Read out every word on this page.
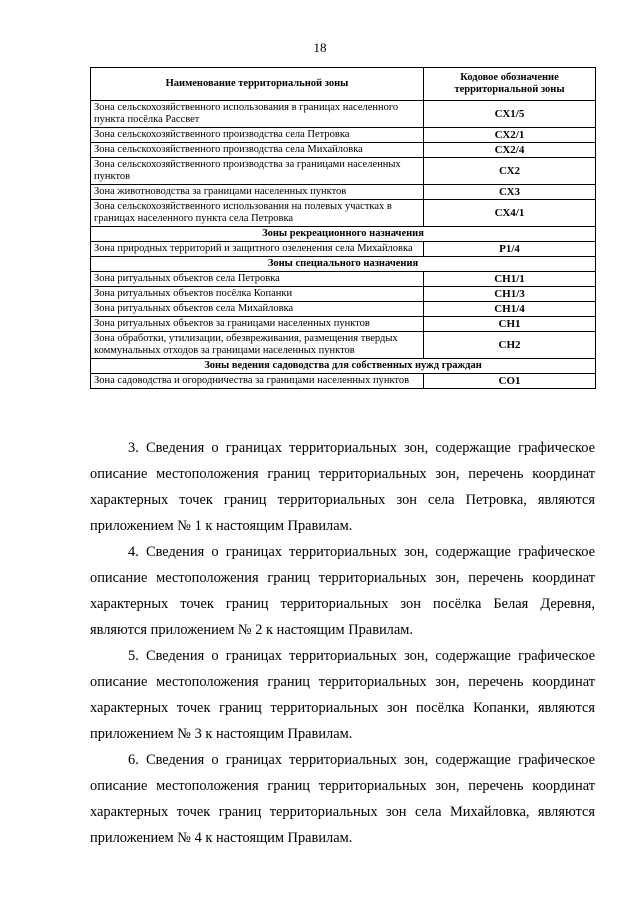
18
Наименование территориальной зоны	Кодовое обозначение территориальной зоны
Зона сельскохозяйственного использования в границах населенного пункта посёлка Рассвет	СХ1/5
Зона сельскохозяйственного производства села Петровка	СХ2/1
Зона сельскохозяйственного производства села Михайловка	СХ2/4
Зона сельскохозяйственного производства за границами населенных пунктов	СХ2
Зона животноводства за границами населенных пунктов	СХ3
Зона сельскохозяйственного использования на полевых участках в границах населенного пункта села Петровка	СХ4/1
Зоны рекреационного назначения	
Зона природных территорий и защитного озеленения села Михайловка	Р1/4
Зоны специального назначения	
Зона ритуальных объектов села Петровка	СН1/1
Зона ритуальных объектов посёлка Копанки	СН1/3
Зона ритуальных объектов села Михайловка	СН1/4
Зона ритуальных объектов за границами населенных пунктов	СН1
Зона обработки, утилизации, обезвреживания, размещения твердых коммунальных отходов за границами населенных пунктов	СН2
Зоны ведения садоводства для собственных нужд граждан	
Зона садоводства и огородничества за границами населенных пунктов	СО1

3. Сведения о границах территориальных зон, содержащие графическое описание местоположения границ территориальных зон, перечень координат характерных точек границ территориальных зон села Петровка, являются приложением № 1 к настоящим Правилам.

4. Сведения о границах территориальных зон, содержащие графическое описание местоположения границ территориальных зон, перечень координат характерных точек границ территориальных зон посёлка Белая Деревня, являются приложением № 2 к настоящим Правилам.

5. Сведения о границах территориальных зон, содержащие графическое описание местоположения границ территориальных зон, перечень координат характерных точек границ территориальных зон посёлка Копанки, являются приложением № 3 к настоящим Правилам.

6. Сведения о границах территориальных зон, содержащие графическое описание местоположения границ территориальных зон, перечень координат характерных точек границ территориальных зон села Михайловка, являются приложением № 4 к настоящим Правилам.
